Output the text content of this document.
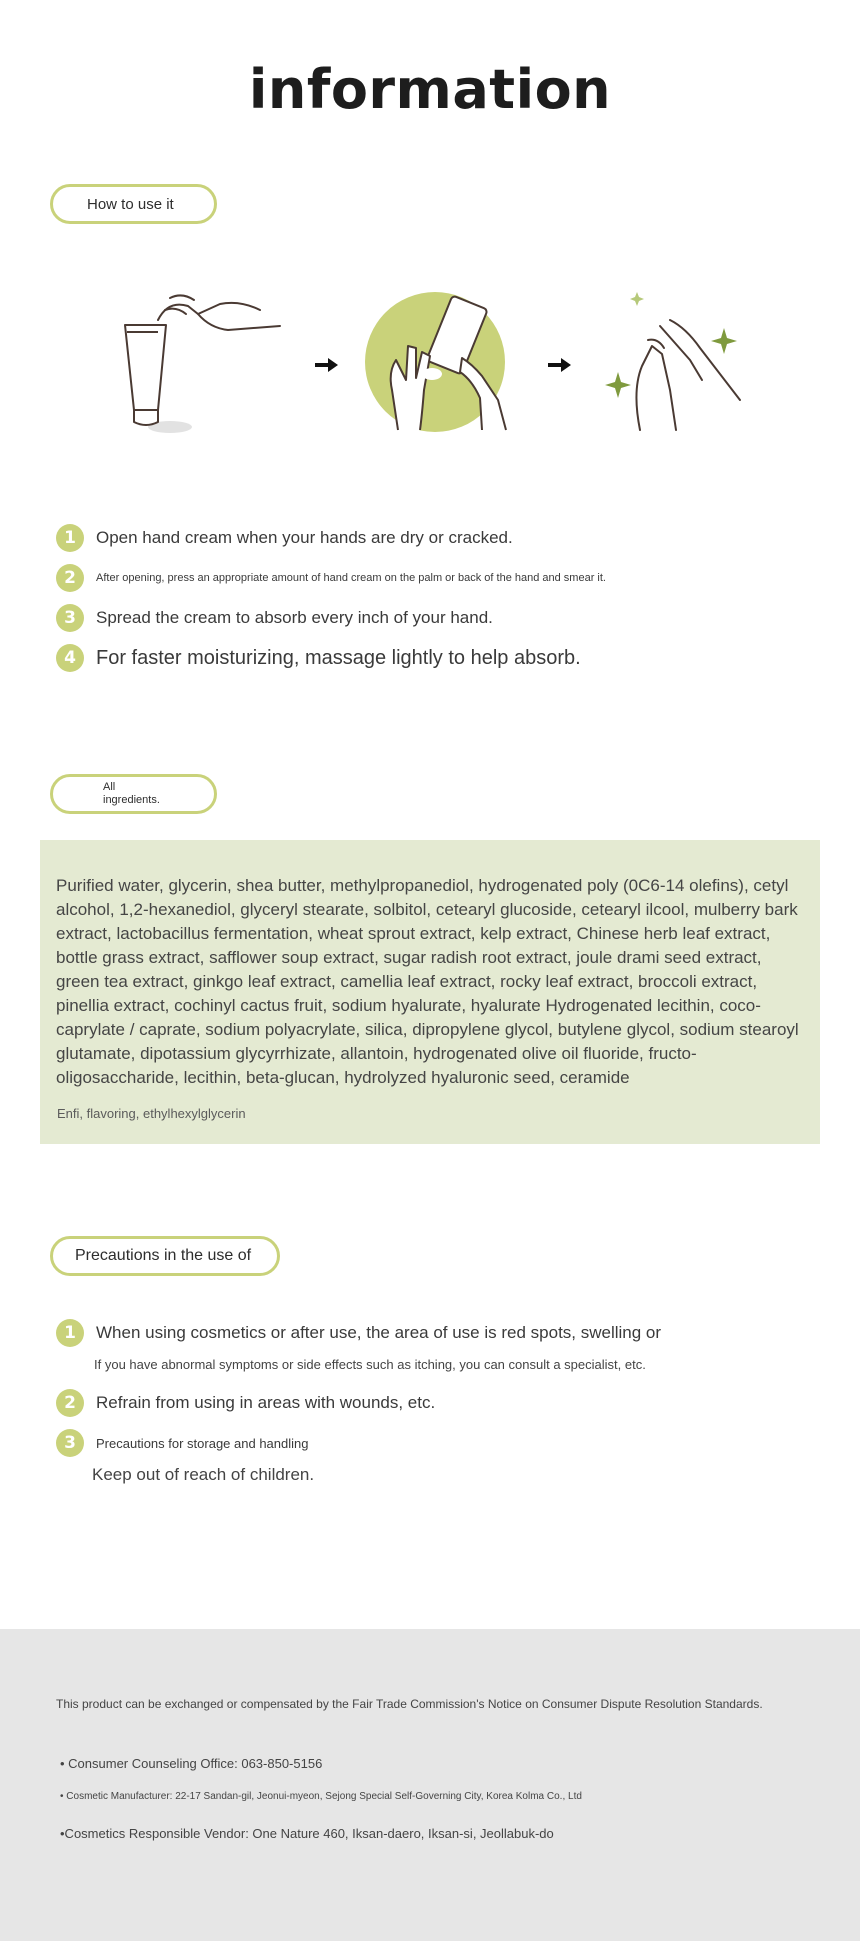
information
How to use it
1	Open hand cream when your hands are dry or cracked.
2	After opening, press an appropriate amount of hand cream on the palm or back of the hand and smear it.
3	Spread the cream to absorb every inch of your hand.
4	For faster moisturizing, massage lightly to help absorb.
All
ingredients.

Purified water, glycerin, shea butter, methylpropanediol, hydrogenated poly (0C6-14 olefins), cetyl alcohol, 1,2-hexanediol, glyceryl stearate, solbitol, cetearyl glucoside, cetearyl ilcool, mulberry bark extract, lactobacillus fermentation, wheat sprout extract, kelp extract, Chinese herb leaf extract, bottle grass extract, safflower soup extract, sugar radish root extract, joule drami seed extract, green tea extract, ginkgo leaf extract, camellia leaf extract, rocky leaf extract, broccoli extract, pinellia extract, cochinyl cactus fruit, sodium hyalurate, hyalurate Hydrogenated lecithin, coco-caprylate / caprate, sodium polyacrylate, silica, dipropylene glycol, butylene glycol, sodium stearoyl glutamate, dipotassium glycyrrhizate, allantoin, hydrogenated olive oil fluoride, fructo-oligosaccharide, lecithin, beta-glucan, hydrolyzed hyaluronic seed, ceramide

Enfi, flavoring, ethylhexylglycerin

Precautions in the use of
1	When using cosmetics or after use, the area of use is red spots, swelling or
If you have abnormal symptoms or side effects such as itching, you can consult a specialist, etc.
2	Refrain from using in areas with wounds, etc.
3	Precautions for storage and handling
Keep out of reach of children.

This product can be exchanged or compensated by the Fair Trade Commission's Notice on Consumer Dispute Resolution Standards.

• Consumer Counseling Office: 063-850-5156

• Cosmetic Manufacturer: 22-17 Sandan-gil, Jeonui-myeon, Sejong Special Self-Governing City, Korea Kolma Co., Ltd

•Cosmetics Responsible Vendor: One Nature 460, Iksan-daero, Iksan-si, Jeollabuk-do
